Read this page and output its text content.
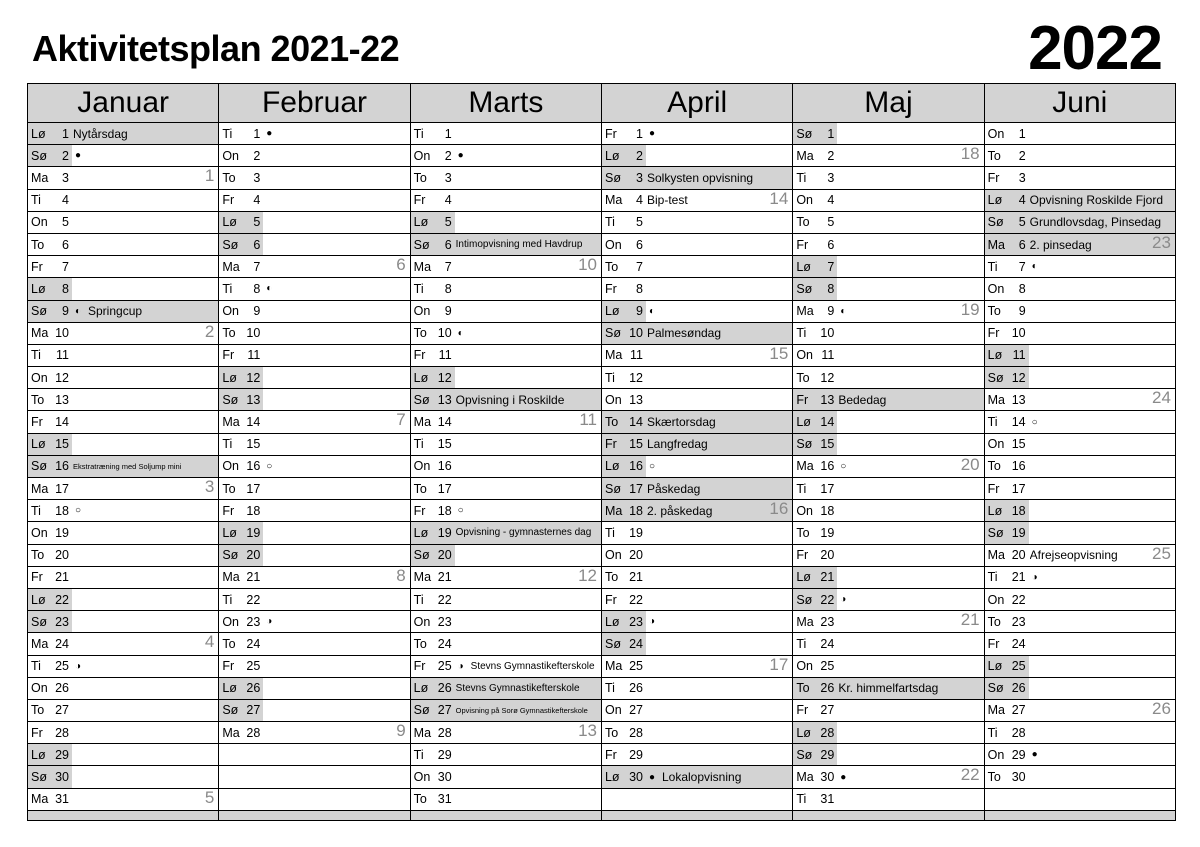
Aktivitetsplan 2021-22	2022
Januar
Lø	1 Nytårsdag
Sø	2 ●
Ma	3	1
Ti	4
On	5
To	6
Fr	7
Lø	8
Sø	9 ◐ Springcup
Ma 10	2
Ti	11
On 12
To 13
Fr 14
Lø 15
Sø 16 Ekstratræning med Soljump mini
Ma 17	3
Ti	18 ○
On 19
To 20
Fr 21
Lø 22
Sø 23
Ma 24	4
Ti	25 ◑
On 26
To 27
Fr 28
Lø 29
Sø 30
Ma 31	5
Februar
Ti	1 ●
On	2
To	3
Fr	4
Lø	5
Sø	6
Ma	7	6
Ti	8 ◐
On	9
To 10
Fr	11
Lø 12
Sø 13
Ma 14	7
Ti	15
On 16 ○
To 17
Fr 18
Lø 19
Sø 20
Ma 21	8
Ti	22
On 23 ◑
To 24
Fr 25
Lø 26
Sø 27
Ma 28	9
Marts
Ti	1
On	2 ●
To	3
Fr	4
Lø	5
Sø	6 Intimopvisning med Havdrup
Ma	7	10
Ti	8
On	9
To 10 ◐
Fr	11
Lø 12
Sø 13 Opvisning i Roskilde
Ma 14	11
Ti	15
On 16
To 17
Fr 18 ○
Lø 19 Opvisning - gymnasternes dag
Sø 20
Ma 21	12
Ti	22
On 23
To 24
Fr 25 ◑ Stevns Gymnastikefterskole
Lø 26 Stevns Gymnastikefterskole
Sø 27 Opvisning på Sorø Gymnastikefterskole
Ma 28	13
Ti	29
On 30
To 31
April
Fr	1 ●
Lø	2
Sø	3 Solkysten opvisning
Ma	4 Bip-test	14
Ti	5
On	6
To	7
Fr	8
Lø	9 ◐
Sø 10 Palmesøndag
Ma 11	15
Ti	12
On 13
To 14 Skærtorsdag
Fr 15 Langfredag
Lø 16 ○
Sø 17 Påskedag
Ma 18 2. påskedag	16
Ti	19
On 20
To 21
Fr 22
Lø 23 ◑
Sø 24
Ma 25	17
Ti	26
On 27
To 28
Fr 29
Lø 30 ● Lokalopvisning
Maj
Sø	1
Ma	2	18
Ti	3
On	4
To	5
Fr	6
Lø	7
Sø	8
Ma	9 ◐	19
Ti	10
On 11
To 12
Fr 13 Bededag
Lø 14
Sø 15
Ma 16 ○	20
Ti	17
On 18
To 19
Fr 20
Lø 21
Sø 22 ◑
Ma 23	21
Ti	24
On 25
To 26 Kr. himmelfartsdag
Fr 27
Lø 28
Sø 29
Ma 30 ●	22
Ti	31
Juni
On	1
To	2
Fr	3
Lø	4 Opvisning Roskilde Fjord
Sø	5 Grundlovsdag, Pinsedag
Ma	6 2. pinsedag	23
Ti	7 ◐
On	8
To	9
Fr 10
Lø 11
Sø 12
Ma 13	24
Ti	14 ○
On 15
To 16
Fr 17
Lø 18
Sø 19
Ma 20 Afrejseopvisning 25
Ti	21 ◑
On 22
To 23
Fr 24
Lø 25
Sø 26
Ma 27	26
Ti	28
On 29 ●
To 30
